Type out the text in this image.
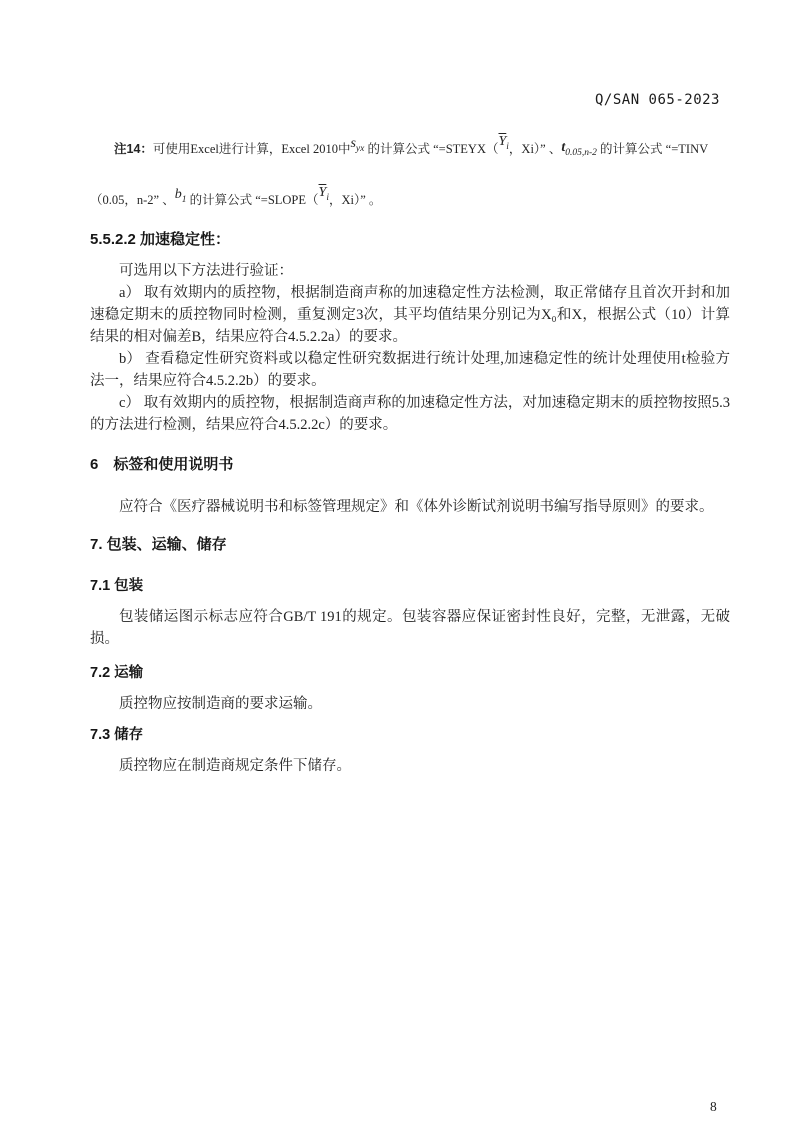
Q/SAN 065-2023
注14：可使用Excel进行计算，Excel 2010中$s_{yx}$ 的计算公式 “$=STEYX(\overline{Y}_i$，Xi）” 、$t_{0.05,n-2}$ 的计算公式 “=TINV
（0.05，n-2” 、$b_1$ 的计算公式 “$=SLOPE(\overline{Y}_i$，Xi）” 。
5.5.2.2 加速稳定性：

可选用以下方法进行验证：

a） 取有效期内的质控物，根据制造商声称的加速稳定性方法检测，取正常储存且首次开封和加速稳定期末的质控物同时检测，重复测定3次，其平均值结果分别记为X₀和X，根据公式（10）计算结果的相对偏差B，结果应符合4.5.2.2a）的要求。

b） 查看稳定性研究资料或以稳定性研究数据进行统计处理,加速稳定性的统计处理使用t检验方法一，结果应符合4.5.2.2b）的要求。

c） 取有效期内的质控物，根据制造商声称的加速稳定性方法，对加速稳定期末的质控物按照5.3的方法进行检测，结果应符合4.5.2.2c）的要求。

6　标签和使用说明书

应符合《医疗器械说明书和标签管理规定》和《体外诊断试剂说明书编写指导原则》的要求。

7. 包装、运输、储存
7.1 包装

包装储运图示标志应符合GB/T 191的规定。包装容器应保证密封性良好，完整，无泄露，无破损。

7.2 运输

质控物应按制造商的要求运输。

7.3 储存

质控物应在制造商规定条件下储存。

8
